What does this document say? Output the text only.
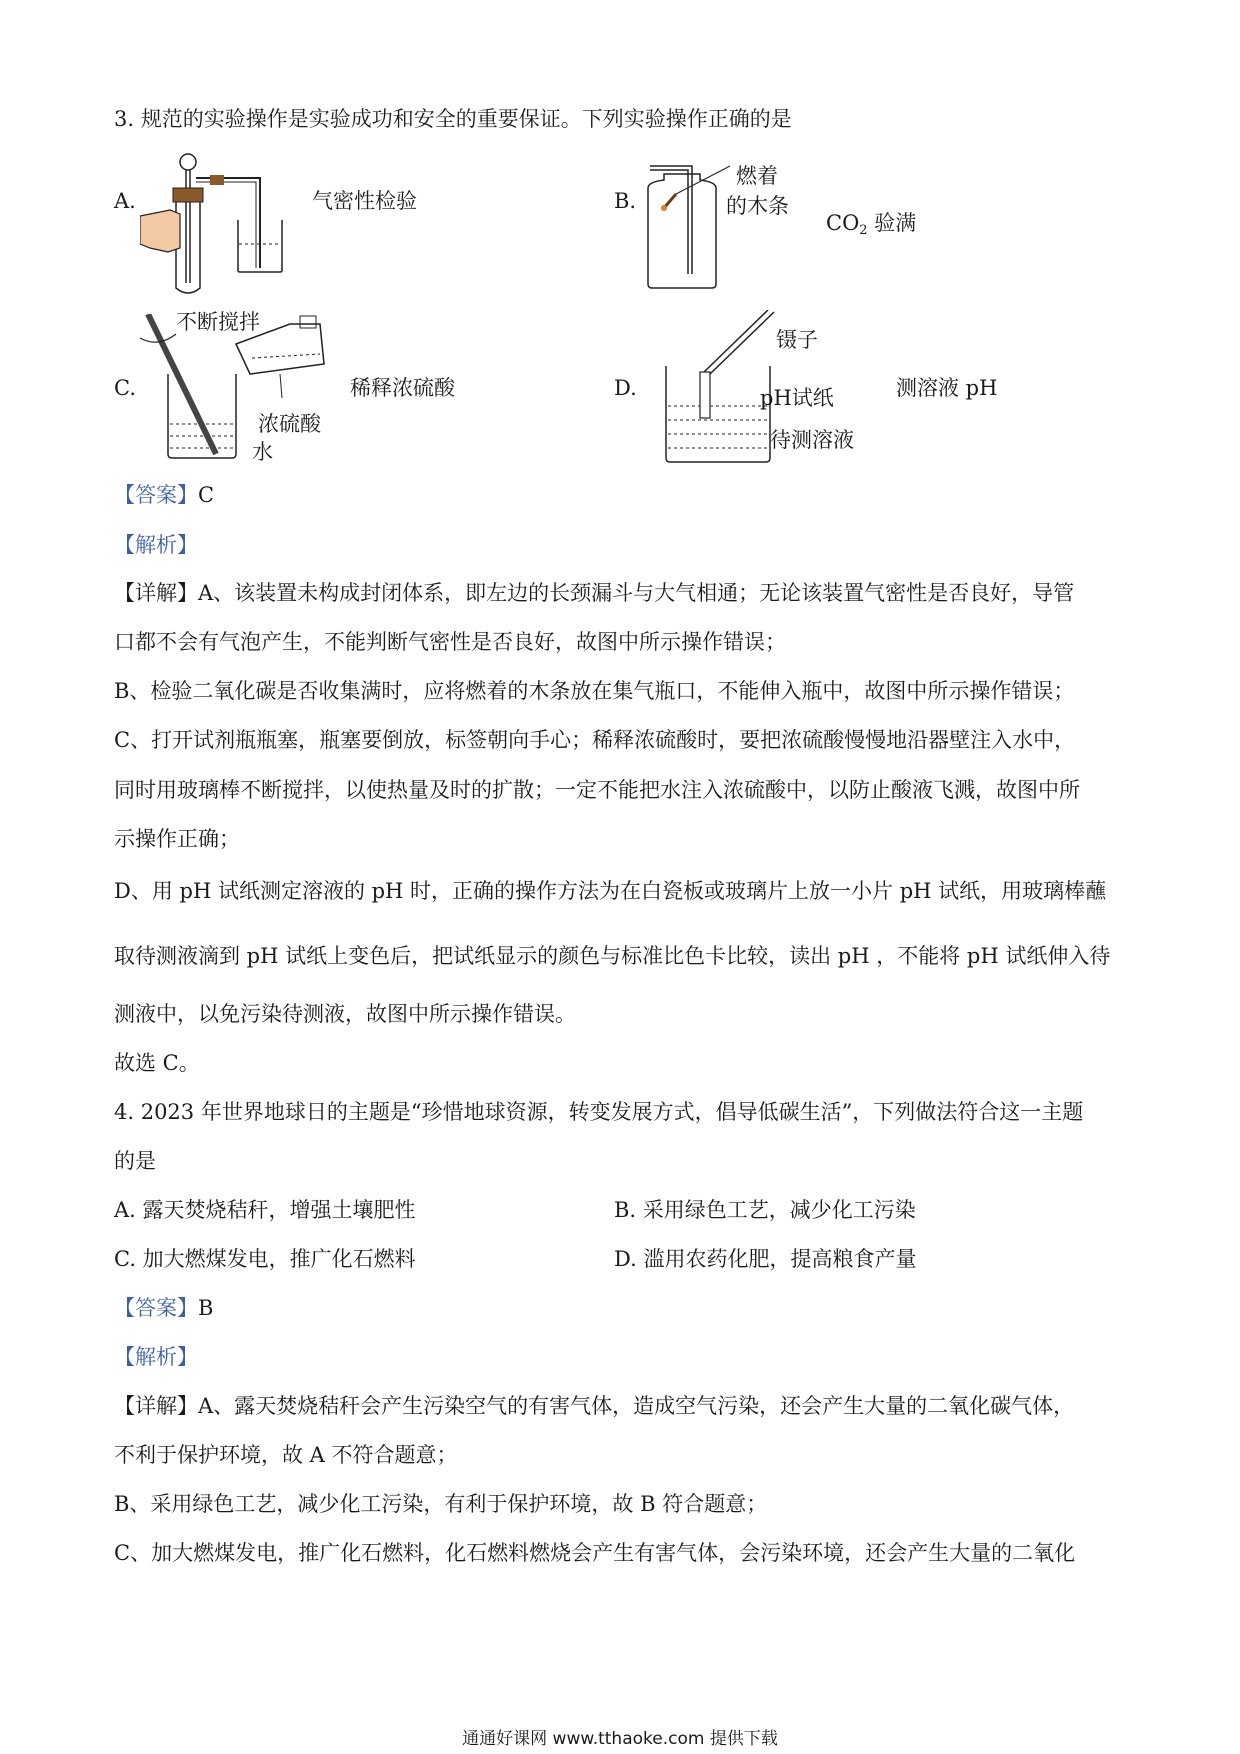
3. 规范的实验操作是实验成功和安全的重要保证。下列实验操作正确的是
A.	气密性检验	B.
燃着
的木条
$CO_2$ 验满
C.
不断搅拌
浓硫酸
水
稀释浓硫酸	D.
镊子
pH试纸
待测溶液
测溶液 pH
【答案】C
【解析】
【详解】A、该装置未构成封闭体系，即左边的长颈漏斗与大气相通；无论该装置气密性是否良好，导管
口都不会有气泡产生，不能判断气密性是否良好，故图中所示操作错误；
B、检验二氧化碳是否收集满时，应将燃着的木条放在集气瓶口，不能伸入瓶中，故图中所示操作错误；
C、打开试剂瓶瓶塞，瓶塞要倒放，标签朝向手心；稀释浓硫酸时，要把浓硫酸慢慢地沿器壁注入水中，
同时用玻璃棒不断搅拌，以使热量及时的扩散；一定不能把水注入浓硫酸中，以防止酸液飞溅，故图中所
示操作正确；
D、用 pH 试纸测定溶液的 pH 时，正确的操作方法为在白瓷板或玻璃片上放一小片 pH 试纸，用玻璃棒蘸
取待测液滴到 pH 试纸上变色后，把试纸显示的颜色与标准比色卡比较，读出 pH ，不能将 pH 试纸伸入待
测液中，以免污染待测液，故图中所示操作错误。
故选 C。
4. 2023 年世界地球日的主题是“珍惜地球资源，转变发展方式，倡导低碳生活”，下列做法符合这一主题
的是
A. 露天焚烧秸秆，增强土壤肥性	B. 采用绿色工艺，减少化工污染
C. 加大燃煤发电，推广化石燃料	D. 滥用农药化肥，提高粮食产量
【答案】B
【解析】
【详解】A、露天焚烧秸秆会产生污染空气的有害气体，造成空气污染，还会产生大量的二氧化碳气体，
不利于保护环境，故 A 不符合题意；
B、采用绿色工艺，减少化工污染，有利于保护环境，故 B 符合题意；
C、加大燃煤发电，推广化石燃料，化石燃料燃烧会产生有害气体，会污染环境，还会产生大量的二氧化
通通好课网 www.tthaoke.com 提供下载
